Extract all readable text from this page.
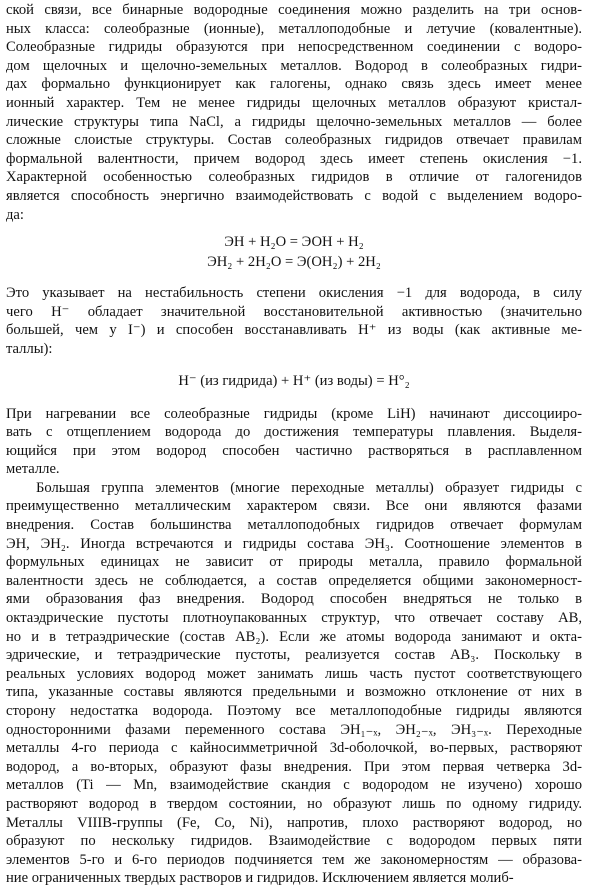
ской связи, все бинарные водородные соединения можно разделить на три основ-
ных класса: солеобразные (ионные), металлоподобные и летучие (ковалентные).
Солеобразные гидриды образуются при непосредственном соединении с водоро-
дом щелочных и щелочно-земельных металлов. Водород в солеобразных гидри-
дах формально функционирует как галогены, однако связь здесь имеет менее
ионный характер. Тем не менее гидриды щелочных металлов образуют кристал-
лические структуры типа NaCl, а гидриды щелочно-земельных металлов — более
сложные слоистые структуры. Состав солеобразных гидридов отвечает правилам
формальной валентности, причем водород здесь имеет степень окисления −1.
Характерной особенностью солеобразных гидридов в отличие от галогенидов
является способность энергично взаимодействовать с водой с выделением водоро-
да:
ЭН + H₂O = ЭОН + H₂
ЭН₂ + 2H₂O = Э(OH₂) + 2H₂
Это указывает на нестабильность степени окисления −1 для водорода, в силу
чего H⁻ обладает значительной восстановительной активностью (значительно
большей, чем у I⁻) и способен восстанавливать H⁺ из воды (как активные ме-
таллы):
H⁻ (из гидрида) + H⁺ (из воды) = H°₂
При нагревании все солеобразные гидриды (кроме LiH) начинают диссоцииро-
вать с отщеплением водорода до достижения температуры плавления. Выделя-
ющийся при этом водород способен частично растворяться в расплавленном
металле.
Большая группа элементов (многие переходные металлы) образует гидриды с
преимущественно металлическим характером связи. Все они являются фазами
внедрения. Состав большинства металлоподобных гидридов отвечает формулам
ЭН, ЭН₂. Иногда встречаются и гидриды состава ЭН₃. Соотношение элементов в
формульных единицах не зависит от природы металла, правило формальной
валентности здесь не соблюдается, а состав определяется общими закономерност-
ями образования фаз внедрения. Водород способен внедряться не только в
октаэдрические пустоты плотноупакованных структур, что отвечает составу AB,
но и в тетраэдрические (состав AB₂). Если же атомы водорода занимают и окта-
эдрические, и тетраэдрические пустоты, реализуется состав AB₃. Поскольку в
реальных условиях водород может занимать лишь часть пустот соответствующего
типа, указанные составы являются предельными и возможно отклонение от них в
сторону недостатка водорода. Поэтому все металлоподобные гидриды являются
односторонними фазами переменного состава ЭН₁₋ₓ, ЭН₂₋ₓ, ЭН₃₋ₓ. Переходные
металлы 4-го периода с кайносимметричной 3d-оболочкой, во-первых, растворяют
водород, а во-вторых, образуют фазы внедрения. При этом первая четверка 3d-
металлов (Ti — Mn, взаимодействие скандия с водородом не изучено) хорошо
растворяют водород в твердом состоянии, но образуют лишь по одному гидриду.
Металлы VIIIB-группы (Fe, Co, Ni), напротив, плохо растворяют водород, но
образуют по нескольку гидридов. Взаимодействие с водородом первых пяти
элементов 5-го и 6-го периодов подчиняется тем же закономерностям — образова-
ние ограниченных твердых растворов и гидридов. Исключением является молиб-
